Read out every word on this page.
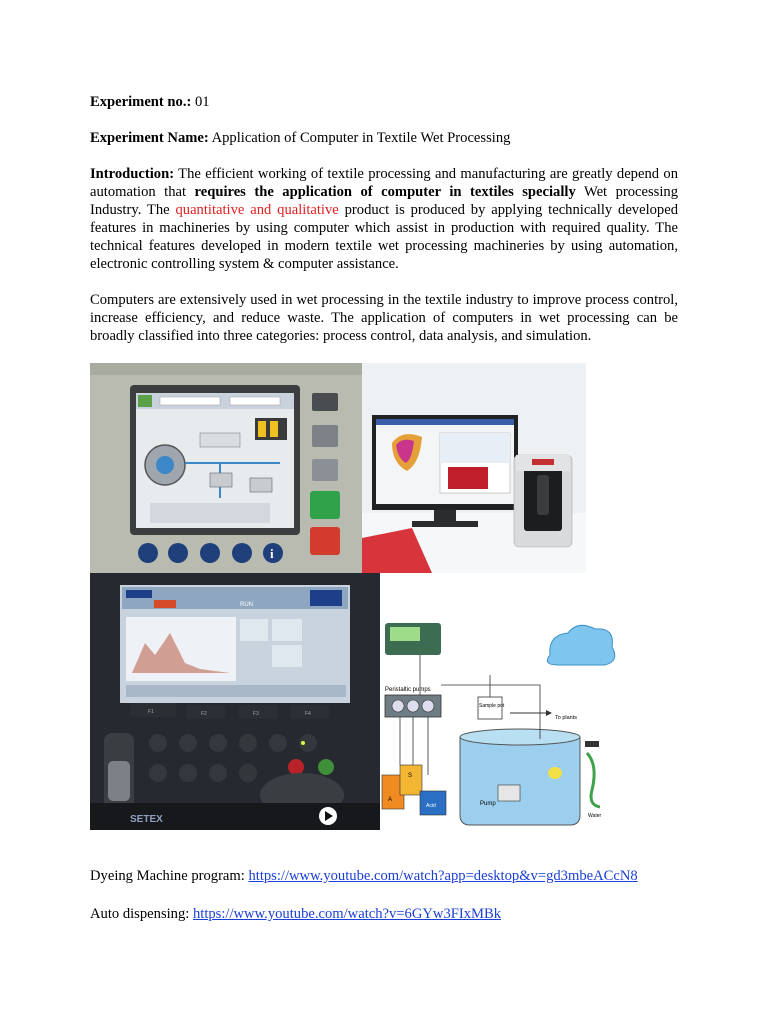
Experiment no.: 01
Experiment Name: Application of Computer in Textile Wet Processing
Introduction: The efficient working of textile processing and manufacturing are greatly depend on automation that requires the application of computer in textiles specially Wet processing Industry. The quantitative and qualitative product is produced by applying technically developed features in machineries by using computer which assist in production with required quality. The technical features developed in modern textile wet processing machineries by using automation, electronic controlling system & computer assistance.
Computers are extensively used in wet processing in the textile industry to improve process control, increase efficiency, and reduce waste. The application of computers in wet processing can be broadly classified into three categories: process control, data analysis, and simulation.
i
RUN
F1	F2	F3	F4
SETEX
Peristaltic pumps
Sample pot
To plants
Pump
Water
A
S
Acid
Dyeing Machine program: https://www.youtube.com/watch?app=desktop&v=gd3mbeACcN8
Auto dispensing: https://www.youtube.com/watch?v=6GYw3FIxMBk
